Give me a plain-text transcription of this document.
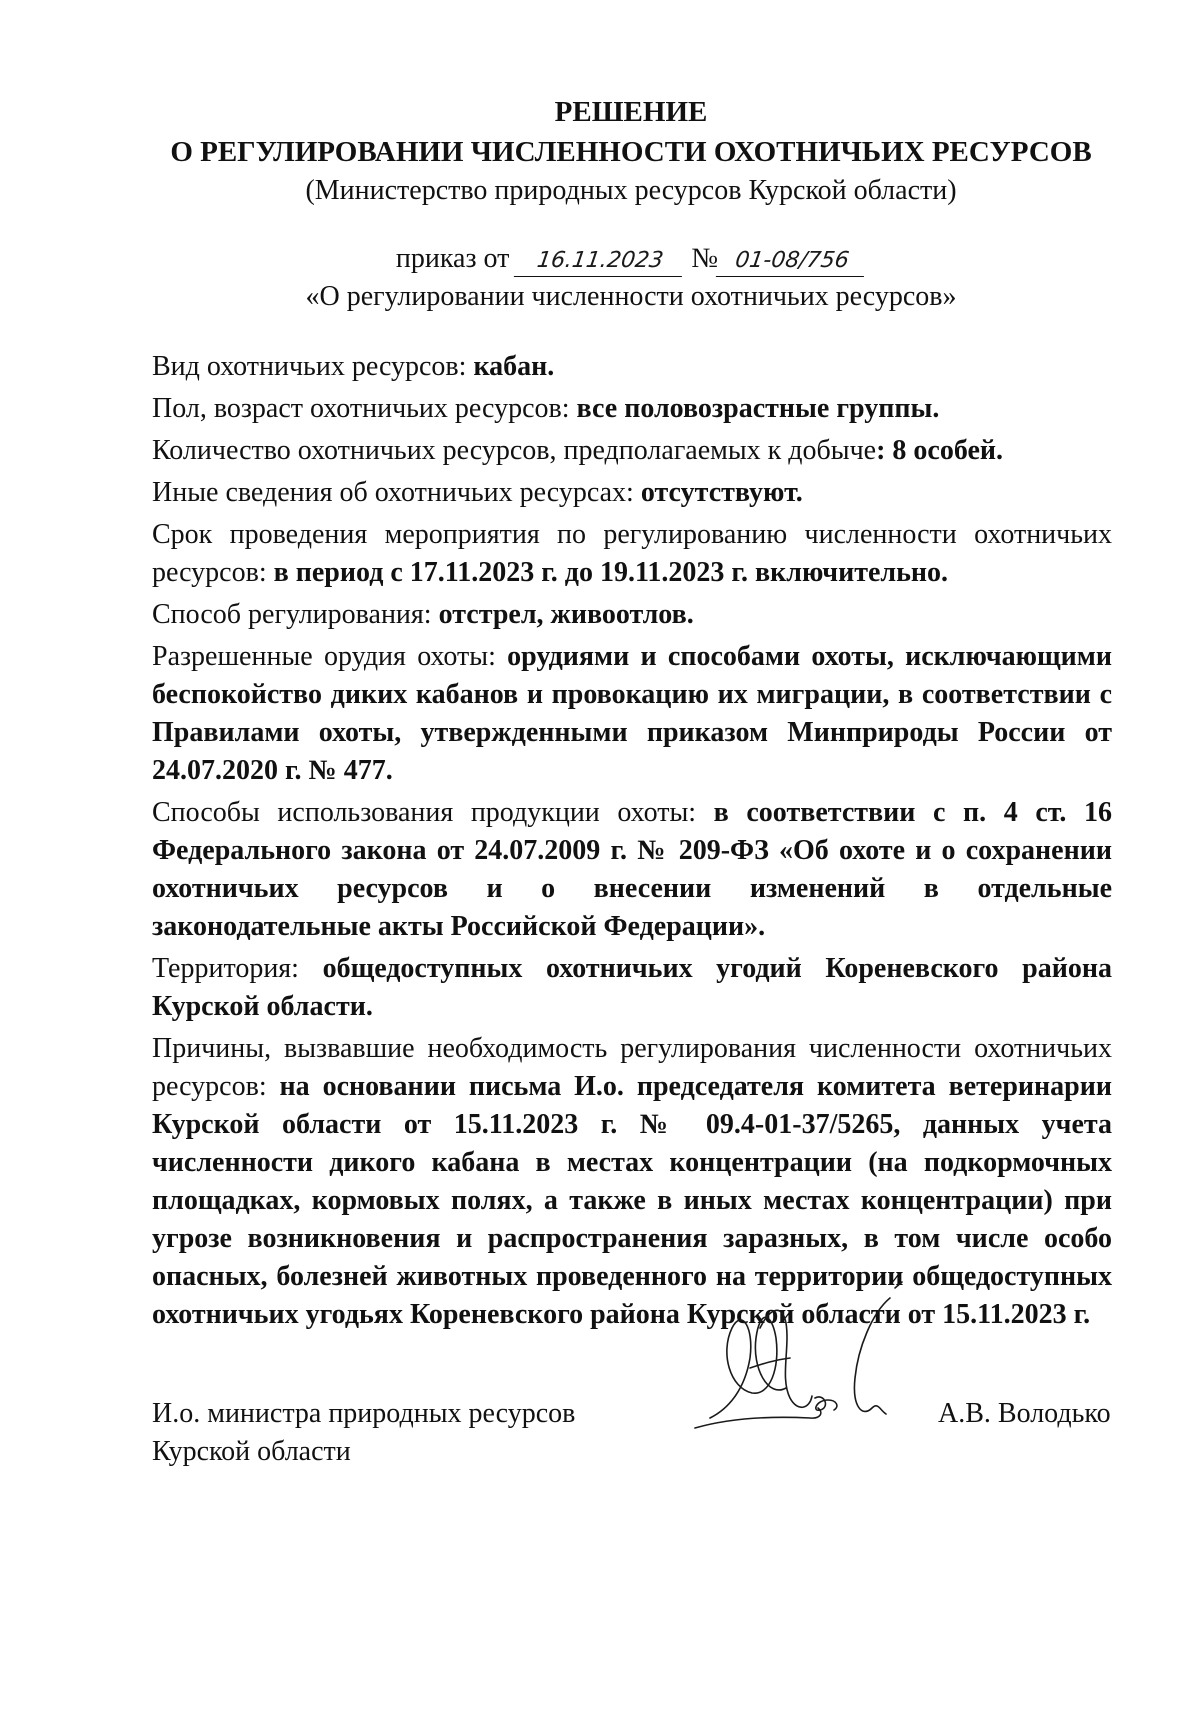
РЕШЕНИЕ

О РЕГУЛИРОВАНИИ ЧИСЛЕННОСТИ ОХОТНИЧЬИХ РЕСУРСОВ

(Министерство природных ресурсов Курской области)

приказ от 16.11.2023 № 01-08/756
«О регулировании численности охотничьих ресурсов»

Вид охотничьих ресурсов: кабан.

Пол, возраст охотничьих ресурсов: все половозрастные группы.

Количество охотничьих ресурсов, предполагаемых к добыче: 8 особей.

Иные сведения об охотничьих ресурсах: отсутствуют.

Срок проведения мероприятия по регулированию численности охотничьих ресурсов: в период с 17.11.2023 г. до 19.11.2023 г. включительно.

Способ регулирования: отстрел, живоотлов.

Разрешенные орудия охоты: орудиями и способами охоты, исключающими беспокойство диких кабанов и провокацию их миграции, в соответствии с Правилами охоты, утвержденными приказом Минприроды России от 24.07.2020 г. № 477.

Способы использования продукции охоты: в соответствии с п. 4 ст. 16 Федерального закона от 24.07.2009 г. № 209-ФЗ «Об охоте и о сохранении охотничьих ресурсов и о внесении изменений в отдельные законодательные акты Российской Федерации».

Территория: общедоступных охотничьих угодий Кореневского района Курской области.

Причины, вызвавшие необходимость регулирования численности охотничьих ресурсов: на основании письма И.о. председателя комитета ветеринарии Курской области от 15.11.2023 г. № 09.4-01-37/5265, данных учета численности дикого кабана в местах концентрации (на подкормочных площадках, кормовых полях, а также в иных местах концентрации) при угрозе возникновения и распространения заразных, в том числе особо опасных, болезней животных проведенного на территории общедоступных охотничьих угодьях Кореневского района Курской области от 15.11.2023 г.

И.о. министра природных ресурсов
Курской области
А.В. Володько
